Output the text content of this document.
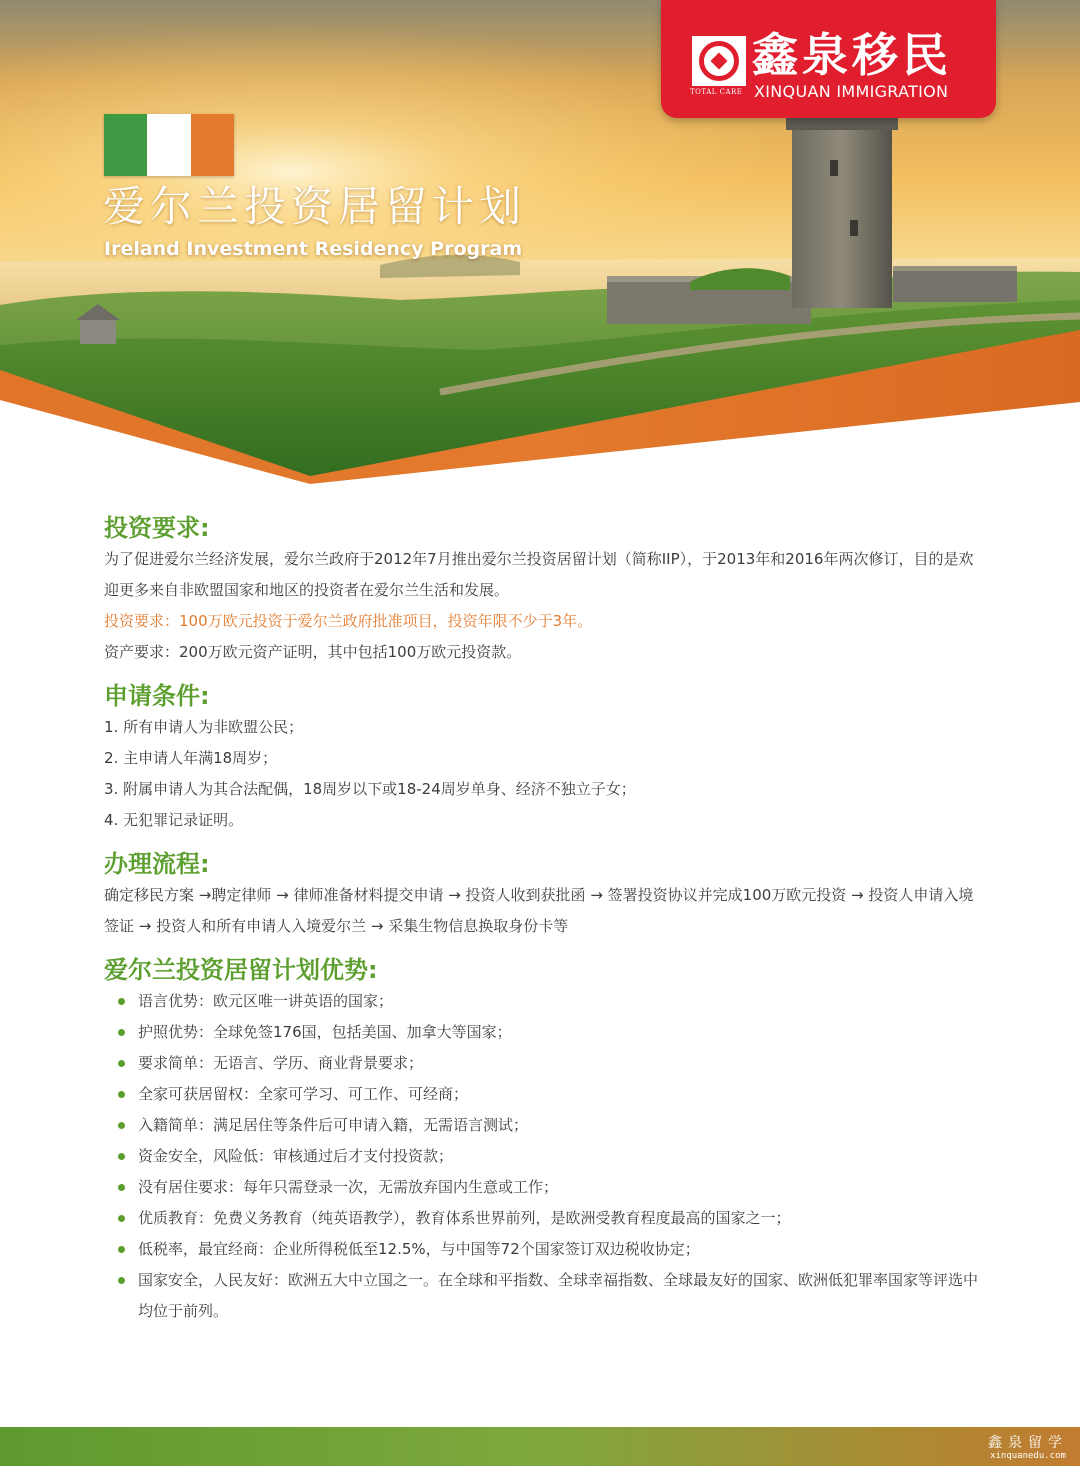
爱尔兰投资居留计划
Ireland Investment Residency Program
TOTAL CARE
鑫泉移民
XINQUAN IMMIGRATION
投资要求:

为了促进爱尔兰经济发展，爱尔兰政府于2012年7月推出爱尔兰投资居留计划（简称IIP），于2013年和2016年两次修订，目的是欢迎更多来自非欧盟国家和地区的投资者在爱尔兰生活和发展。

投资要求：100万欧元投资于爱尔兰政府批准项目，投资年限不少于3年。

资产要求：200万欧元资产证明，其中包括100万欧元投资款。

申请条件:

1. 所有申请人为非欧盟公民；

2. 主申请人年满18周岁；

3. 附属申请人为其合法配偶，18周岁以下或18-24周岁单身、经济不独立子女；

4. 无犯罪记录证明。

办理流程:

确定移民方案 →聘定律师 → 律师准备材料提交申请 → 投资人收到获批函 → 签署投资协议并完成100万欧元投资 → 投资人申请入境签证 → 投资人和所有申请人入境爱尔兰 → 采集生物信息换取身份卡等

爱尔兰投资居留计划优势:
语言优势：欧元区唯一讲英语的国家；
护照优势：全球免签176国，包括美国、加拿大等国家；
要求简单：无语言、学历、商业背景要求；
全家可获居留权：全家可学习、可工作、可经商；
入籍简单：满足居住等条件后可申请入籍，无需语言测试；
资金安全，风险低：审核通过后才支付投资款；
没有居住要求：每年只需登录一次，无需放弃国内生意或工作；
优质教育：免费义务教育（纯英语教学），教育体系世界前列，是欧洲受教育程度最高的国家之一；
低税率，最宜经商：企业所得税低至12.5%，与中国等72个国家签订双边税收协定；
国家安全，人民友好：欧洲五大中立国之一。在全球和平指数、全球幸福指数、全球最友好的国家、欧洲低犯罪率国家等评选中均位于前列。
鑫泉留学
xinquanedu.com
